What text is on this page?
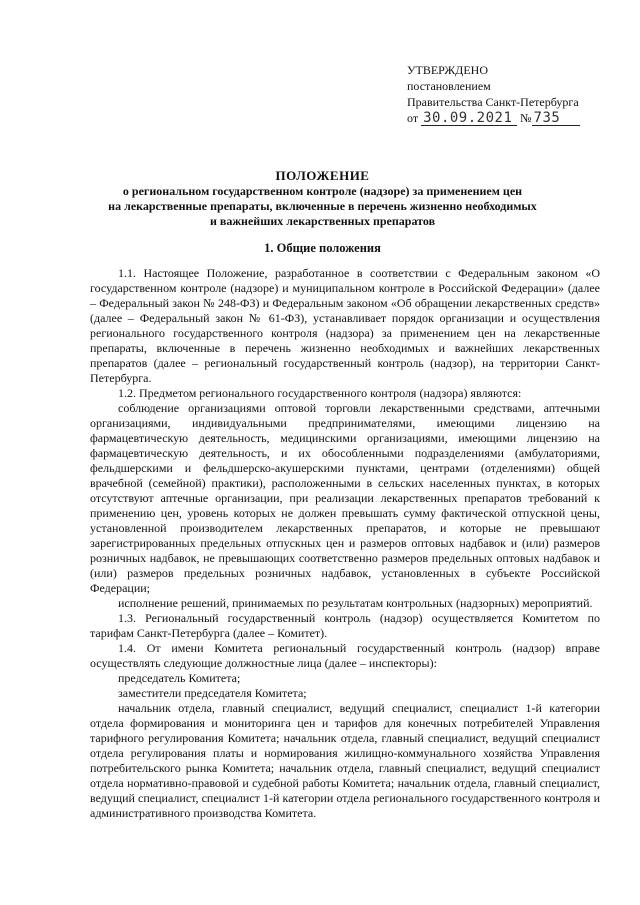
УТВЕРЖДЕНО
постановлением
Правительства Санкт-Петербурга
от 30.09.2021 № 735
ПОЛОЖЕНИЕ
о региональном государственном контроле (надзоре) за применением цен
на лекарственные препараты, включенные в перечень жизненно необходимых
и важнейших лекарственных препаратов
1. Общие положения

1.1. Настоящее Положение, разработанное в соответствии с Федеральным законом «О государственном контроле (надзоре) и муниципальном контроле в Российской Федерации» (далее – Федеральный закон № 248-ФЗ) и Федеральным законом «Об обращении лекарственных средств» (далее – Федеральный закон № 61-ФЗ), устанавливает порядок организации и осуществления регионального государственного контроля (надзора) за применением цен на лекарственные препараты, включенные в перечень жизненно необходимых и важнейших лекарственных препаратов (далее – региональный государственный контроль (надзор), на территории Санкт-Петербурга.

1.2. Предметом регионального государственного контроля (надзора) являются:

соблюдение организациями оптовой торговли лекарственными средствами, аптечными организациями, индивидуальными предпринимателями, имеющими лицензию на фармацевтическую деятельность, медицинскими организациями, имеющими лицензию на фармацевтическую деятельность, и их обособленными подразделениями (амбулаториями, фельдшерскими и фельдшерско-акушерскими пунктами, центрами (отделениями) общей врачебной (семейной) практики), расположенными в сельских населенных пунктах, в которых отсутствуют аптечные организации, при реализации лекарственных препаратов требований к применению цен, уровень которых не должен превышать сумму фактической отпускной цены, установленной производителем лекарственных препаратов, и которые не превышают зарегистрированных предельных отпускных цен и размеров оптовых надбавок и (или) размеров розничных надбавок, не превышающих соответственно размеров предельных оптовых надбавок и (или) размеров предельных розничных надбавок, установленных в субъекте Российской Федерации;

исполнение решений, принимаемых по результатам контрольных (надзорных) мероприятий.

1.3. Региональный государственный контроль (надзор) осуществляется Комитетом по тарифам Санкт-Петербурга (далее – Комитет).

1.4. От имени Комитета региональный государственный контроль (надзор) вправе осуществлять следующие должностные лица (далее – инспекторы):

председатель Комитета;

заместители председателя Комитета;

начальник отдела, главный специалист, ведущий специалист, специалист 1-й категории отдела формирования и мониторинга цен и тарифов для конечных потребителей Управления тарифного регулирования Комитета; начальник отдела, главный специалист, ведущий специалист отдела регулирования платы и нормирования жилищно-коммунального хозяйства Управления потребительского рынка Комитета; начальник отдела, главный специалист, ведущий специалист отдела нормативно-правовой и судебной работы Комитета; начальник отдела, главный специалист, ведущий специалист, специалист 1-й категории отдела регионального государственного контроля и административного производства Комитета.
